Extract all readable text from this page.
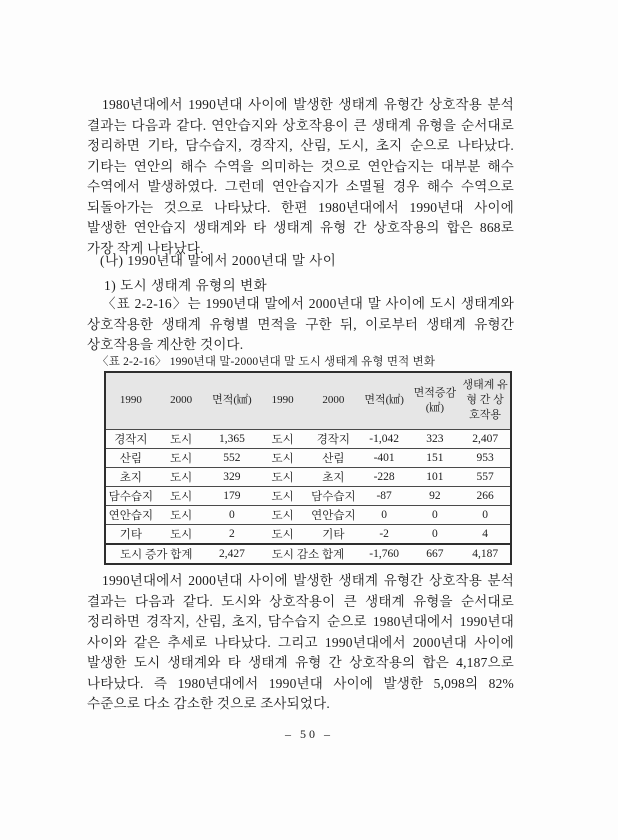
1980년대에서 1990년대 사이에 발생한 생태계 유형간 상호작용 분석 결과는 다음과 같다. 연안습지와 상호작용이 큰 생태계 유형을 순서대로 정리하면 기타, 담수습지, 경작지, 산림, 도시, 초지 순으로 나타났다. 기타는 연안의 해수 수역을 의미하는 것으로 연안습지는 대부분 해수 수역에서 발생하였다. 그런데 연안습지가 소멸될 경우 해수 수역으로 되돌아가는 것으로 나타났다. 한편 1980년대에서 1990년대 사이에 발생한 연안습지 생태계와 타 생태계 유형 간 상호작용의 합은 868로 가장 작게 나타났다.

(나) 1990년대 말에서 2000년대 말 사이
1) 도시 생태계 유형의 변화

〈표 2-2-16〉는 1990년대 말에서 2000년대 말 사이에 도시 생태계와 상호작용한 생태계 유형별 면적을 구한 뒤, 이로부터 생태계 유형간 상호작용을 계산한 것이다.

〈표 2-2-16〉 1990년대 말-2000년대 말 도시 생태계 유형 면적 변화
1990	2000	면적(㎢)	1990	2000	면적(㎢)	면적증감(㎢)	생태계 유형 간 상호작용
경작지	도시	1,365	도시	경작지	-1,042	323	2,407
산림	도시	552	도시	산림	-401	151	953
초지	도시	329	도시	초지	-228	101	557
담수습지	도시	179	도시	담수습지	-87	92	266
연안습지	도시	0	도시	연안습지	0	0	0
기타	도시	2	도시	기타	-2	0	4
도시 증가 합계		2,427	도시 감소 합계		-1,760	667	4,187

1990년대에서 2000년대 사이에 발생한 생태계 유형간 상호작용 분석 결과는 다음과 같다. 도시와 상호작용이 큰 생태계 유형을 순서대로 정리하면 경작지, 산림, 초지, 담수습지 순으로 1980년대에서 1990년대 사이와 같은 추세로 나타났다. 그리고 1990년대에서 2000년대 사이에 발생한 도시 생태계와 타 생태계 유형 간 상호작용의 합은 4,187으로 나타났다. 즉 1980년대에서 1990년대 사이에 발생한 5,098의 82% 수준으로 다소 감소한 것으로 조사되었다.

– 50 –
